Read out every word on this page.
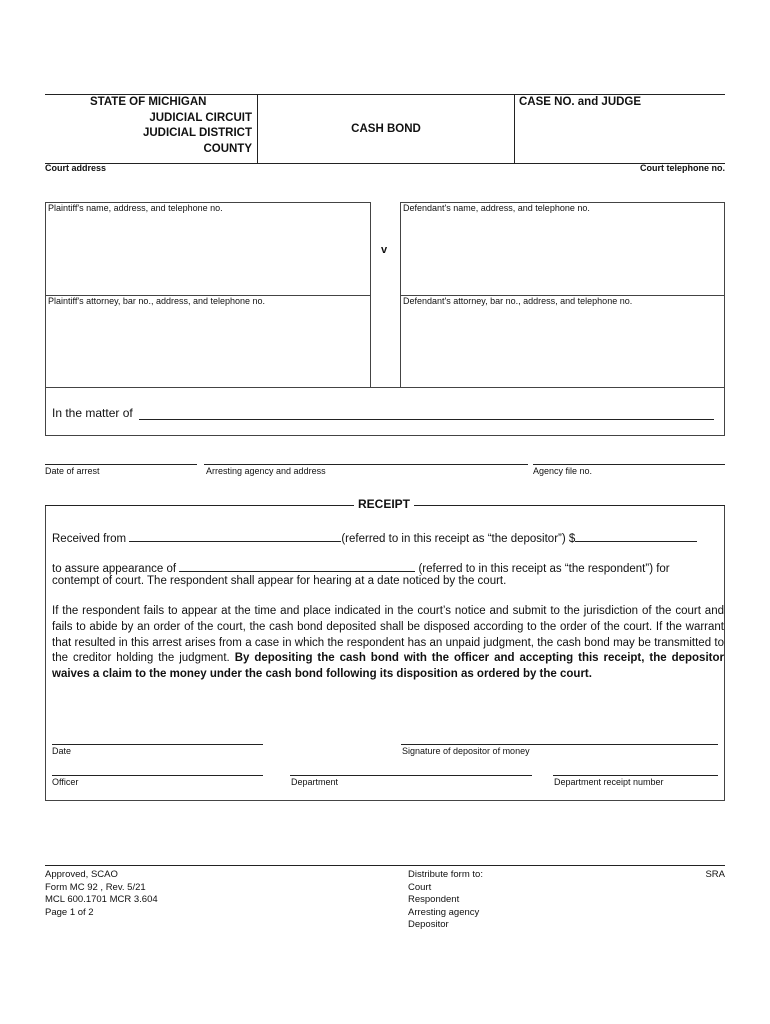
STATE OF MICHIGAN
JUDICIAL CIRCUIT
JUDICIAL DISTRICT
COUNTY
CASH BOND
CASE NO. and JUDGE
Court address	Court telephone no.
Plaintiff's name, address, and telephone no.	Defendant's name, address, and telephone no.
v
Plaintiff's attorney, bar no., address, and telephone no.	Defendant's attorney, bar no., address, and telephone no.
In the matter of
Date of arrest	Arresting agency and address	Agency file no.
RECEIPT
Received from	(referred to in this receipt as “the depositor”) $
to assure appearance of	(referred to in this receipt as “the respondent”) for
contempt of court. The respondent shall appear for hearing at a date noticed by the court.
If the respondent fails to appear at the time and place indicated in the court’s notice and submit to the jurisdiction of the court and fails to abide by an order of the court, the cash bond deposited shall be disposed according to the order of the court. If the warrant that resulted in this arrest arises from a case in which the respondent has an unpaid judgment, the cash bond may be transmitted to the creditor holding the judgment. By depositing the cash bond with the officer and accepting this receipt, the depositor waives a claim to the money under the cash bond following its disposition as ordered by the court.
Date	Signature of depositor of money
Officer	Department	Department receipt number
Approved, SCAO
Form MC 92 , Rev. 5/21
MCL 600.1701 MCR 3.604
Page 1 of 2
Distribute form to:
Court
Respondent
Arresting agency
Depositor
SRA
